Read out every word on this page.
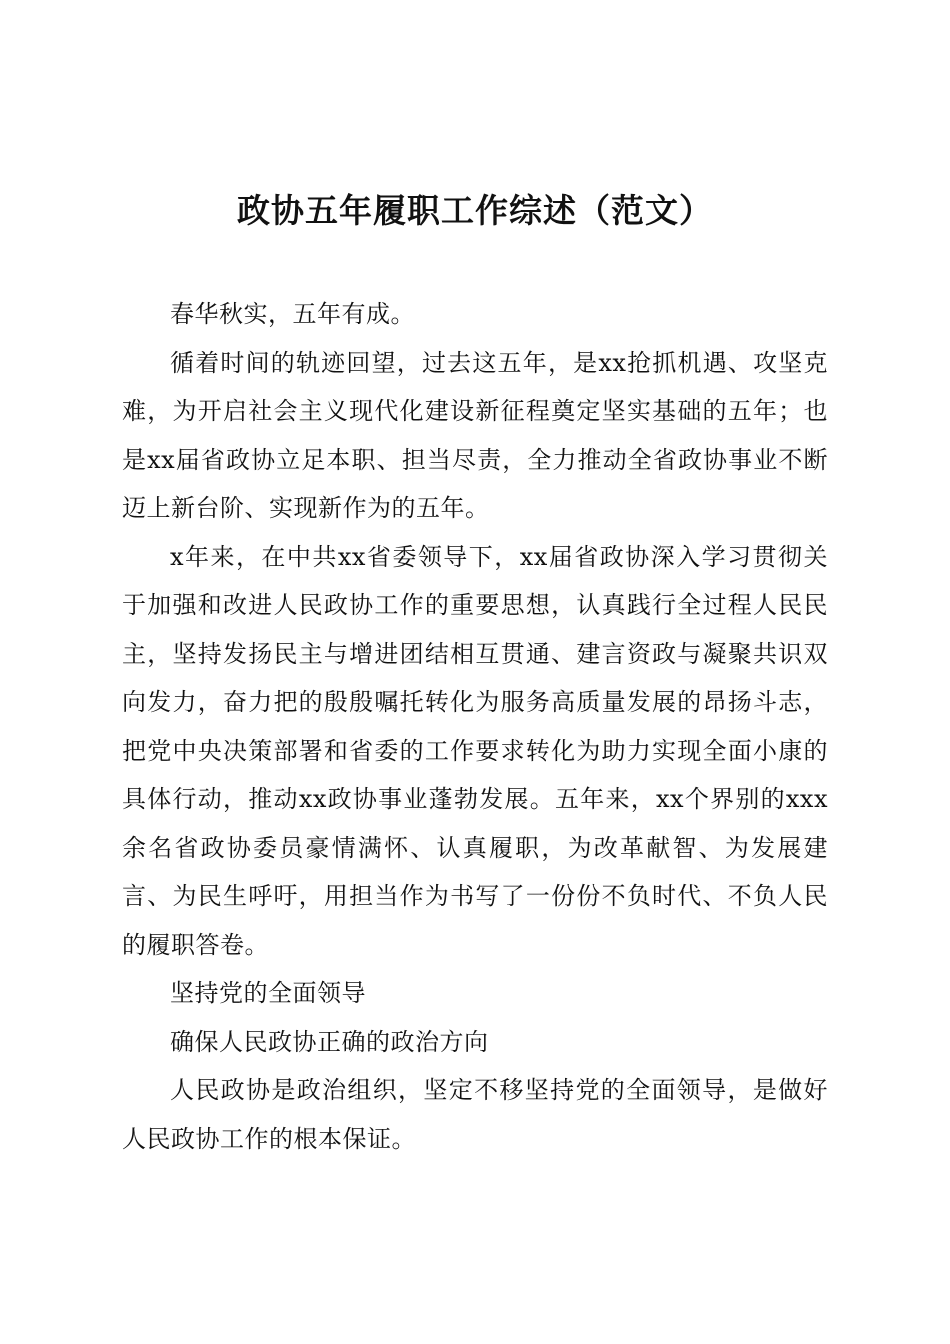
政协五年履职工作综述（范文）

春华秋实，五年有成。

循着时间的轨迹回望，过去这五年，是xx抢抓机遇、攻坚克难，为开启社会主义现代化建设新征程奠定坚实基础的五年；也是xx届省政协立足本职、担当尽责，全力推动全省政协事业不断迈上新台阶、实现新作为的五年。

x年来，在中共xx省委领导下，xx届省政协深入学习贯彻关于加强和改进人民政协工作的重要思想，认真践行全过程人民民主，坚持发扬民主与增进团结相互贯通、建言资政与凝聚共识双向发力，奋力把的殷殷嘱托转化为服务高质量发展的昂扬斗志，把党中央决策部署和省委的工作要求转化为助力实现全面小康的具体行动，推动xx政协事业蓬勃发展。五年来，xx个界别的xxx余名省政协委员豪情满怀、认真履职，为改革献智、为发展建言、为民生呼吁，用担当作为书写了一份份不负时代、不负人民的履职答卷。

坚持党的全面领导

确保人民政协正确的政治方向

人民政协是政治组织，坚定不移坚持党的全面领导，是做好人民政协工作的根本保证。
